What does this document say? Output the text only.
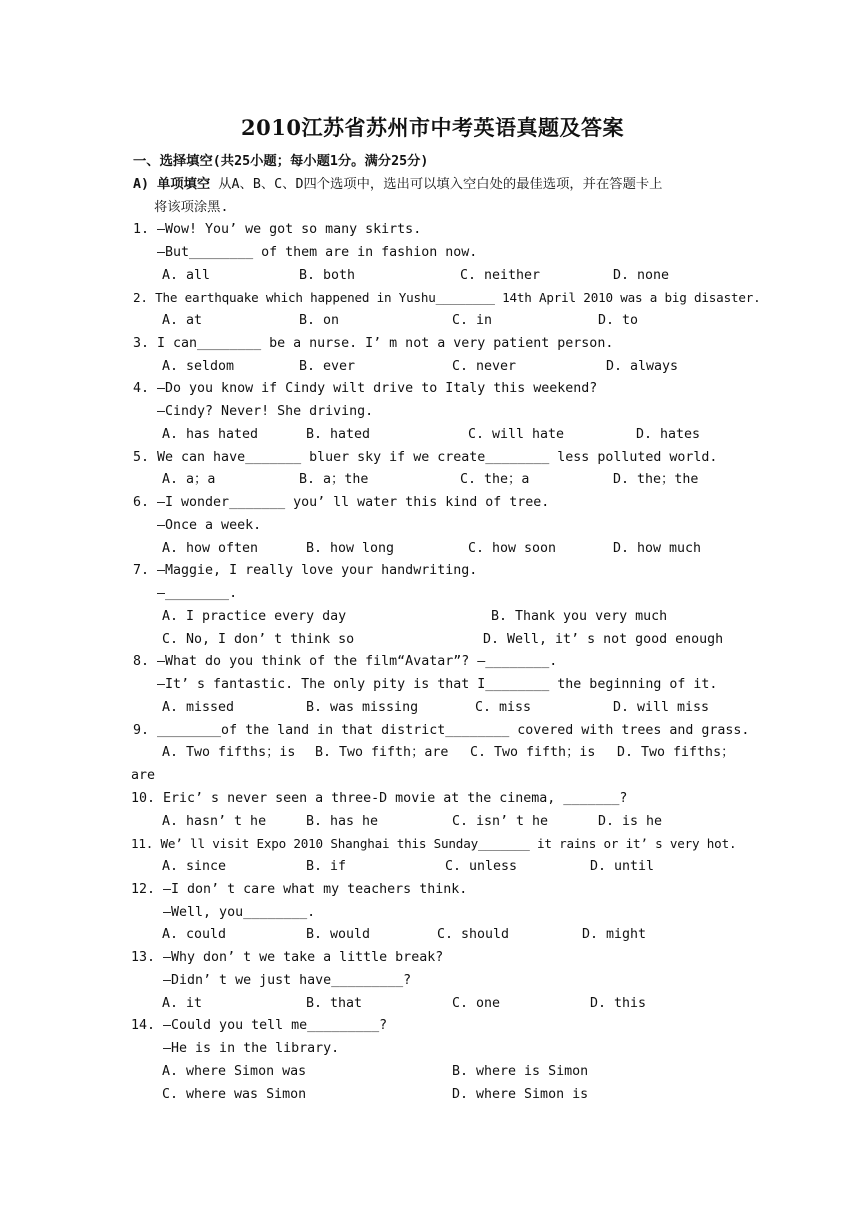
2010江苏省苏州市中考英语真题及答案
一、选择填空(共25小题；每小题1分。满分25分)
A) 单项填空 从A、B、C、D四个选项中，选出可以填入空白处的最佳选项，并在答题卡上
将该项涂黑.
1. —Wow! You’ we got so many skirts.
—But________ of them are in fashion now.
A. all	B. both	C. neither	D. none
2. The earthquake which happened in Yushu________ 14th April 2010 was a big disaster.
A. at	B. on	C. in	D. to
3. I can________ be a nurse. I’ m not a very patient person.
A. seldom	B. ever	C. never	D. always
4. —Do you know if Cindy wilt drive to Italy this weekend?
—Cindy? Never! She driving.
A. has hated	B. hated	C. will hate	D. hates
5. We can have_______ bluer sky if we create________ less polluted world.
A. a；a	B. a；the	C. the；a	D. the；the
6. —I wonder_______ you’ ll water this kind of tree.
—Once a week.
A. how often	B. how long	C. how soon	D. how much
7. —Maggie, I really love your handwriting.
—________.
A. I practice every day	B. Thank you very much
C. No, I don’ t think so	D. Well, it’ s not good enough
8. —What do you think of the film“Avatar”? —________.
—It’ s fantastic. The only pity is that I________ the beginning of it.
A. missed	B. was missing	C. miss	D. will miss
9. ________of the land in that district________ covered with trees and grass.
A. Two fifths；is B. Two fifth；are C. Two fifth；is D. Two fifths；
are
10. Eric’ s never seen a three-D movie at the cinema, _______?
A. hasn’ t he	B. has he	C. isn’ t he	D. is he
11. We’ ll visit Expo 2010 Shanghai this Sunday_______ it rains or it’ s very hot.
A. since	B. if	C. unless	D. until
12. —I don’ t care what my teachers think.
—Well, you________.
A. could	B. would	C. should	D. might
13. —Why don’ t we take a little break?
—Didn’ t we just have_________?
A. it	B. that	C. one	D. this
14. —Could you tell me_________?
—He is in the library.
A. where Simon was	B. where is Simon
C. where was Simon	D. where Simon is
